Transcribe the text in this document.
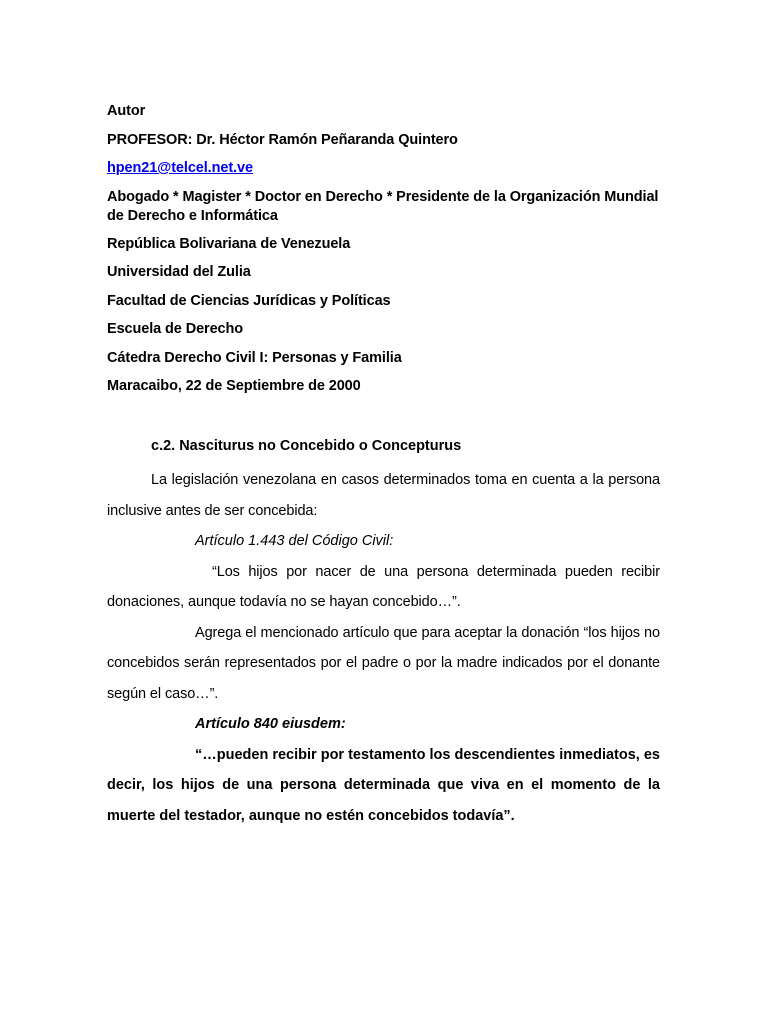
Autor
PROFESOR: Dr. Héctor Ramón Peñaranda Quintero
hpen21@telcel.net.ve
Abogado * Magister * Doctor en Derecho * Presidente de la Organización Mundial de Derecho e Informática
República Bolivariana de Venezuela
Universidad del Zulia
Facultad de Ciencias Jurídicas y Políticas
Escuela de Derecho
Cátedra Derecho Civil I: Personas y Familia
Maracaibo, 22 de Septiembre de 2000
c.2. Nasciturus no Concebido o Concepturus

La legislación venezolana en casos determinados toma en cuenta a la persona inclusive antes de ser concebida:

Artículo 1.443 del Código Civil:

“Los hijos por nacer de una persona determinada pueden recibir donaciones, aunque todavía no se hayan concebido…”.

Agrega el mencionado artículo que para aceptar la donación “los hijos no concebidos serán representados por el padre o por la madre indicados por el donante según el caso…”.

Artículo 840 eiusdem:

“…pueden recibir por testamento los descendientes inmediatos, es decir, los hijos de una persona determinada que viva en el momento de la muerte del testador, aunque no estén concebidos todavía”.
